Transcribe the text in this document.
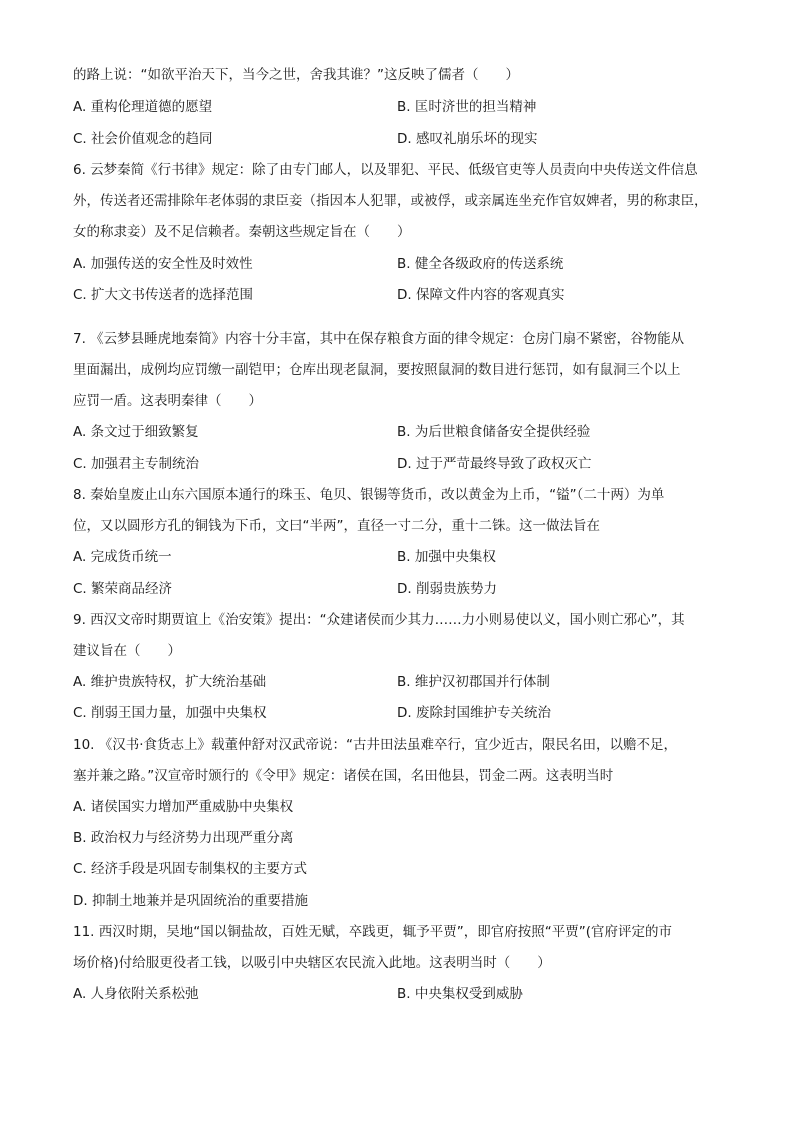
的路上说：“如欲平治天下，当今之世，舍我其谁？”这反映了儒者（　　）
A. 重构伦理道德的愿望	B. 匡时济世的担当精神
C. 社会价值观念的趋同	D. 感叹礼崩乐坏的现实
6. 云梦秦简《行书律》规定：除了由专门邮人，以及罪犯、平民、低级官吏等人员责向中央传送文件信息
外，传送者还需排除年老体弱的隶臣妾（指因本人犯罪，或被俘，或亲属连坐充作官奴婢者，男的称隶臣，
女的称隶妾）及不足信赖者。秦朝这些规定旨在（　　）
A. 加强传送的安全性及时效性	B. 健全各级政府的传送系统
C. 扩大文书传送者的选择范围	D. 保障文件内容的客观真实
7. 《云梦县睡虎地秦简》内容十分丰富，其中在保存粮食方面的律令规定：仓房门扇不紧密，谷物能从
里面漏出，成例均应罚缴一副铠甲；仓库出现老鼠洞，要按照鼠洞的数目进行惩罚，如有鼠洞三个以上
应罚一盾。这表明秦律（　　）
A. 条文过于细致繁复	B. 为后世粮食储备安全提供经验
C. 加强君主专制统治	D. 过于严苛最终导致了政权灭亡
8. 秦始皇废止山东六国原本通行的珠玉、龟贝、银锡等货币，改以黄金为上币，“镒”（二十两）为单
位，又以圆形方孔的铜钱为下币，文曰“半两”，直径一寸二分，重十二铢。这一做法旨在
A. 完成货币统一	B. 加强中央集权
C. 繁荣商品经济	D. 削弱贵族势力
9. 西汉文帝时期贾谊上《治安策》提出：“众建诸侯而少其力……力小则易使以义，国小则亡邪心”，其
建议旨在（　　）
A. 维护贵族特权，扩大统治基础	B. 维护汉初郡国并行体制
C. 削弱王国力量，加强中央集权	D. 废除封国维护专关统治
10. 《汉书·食货志上》载董仲舒对汉武帝说：“古井田法虽难卒行，宜少近古，限民名田，以赡不足，
塞并兼之路。”汉宣帝时颁行的《令甲》规定：诸侯在国，名田他县，罚金二两。这表明当时
A. 诸侯国实力增加严重威胁中央集权
B. 政治权力与经济势力出现严重分离
C. 经济手段是巩固专制集权的主要方式
D. 抑制土地兼并是巩固统治的重要措施
11. 西汉时期，吴地“国以铜盐故，百姓无赋，卒践更，辄予平贾”，即官府按照“平贾”(官府评定的市
场价格)付给服更役者工钱，以吸引中央辖区农民流入此地。这表明当时（　　）
A. 人身依附关系松弛	B. 中央集权受到威胁
